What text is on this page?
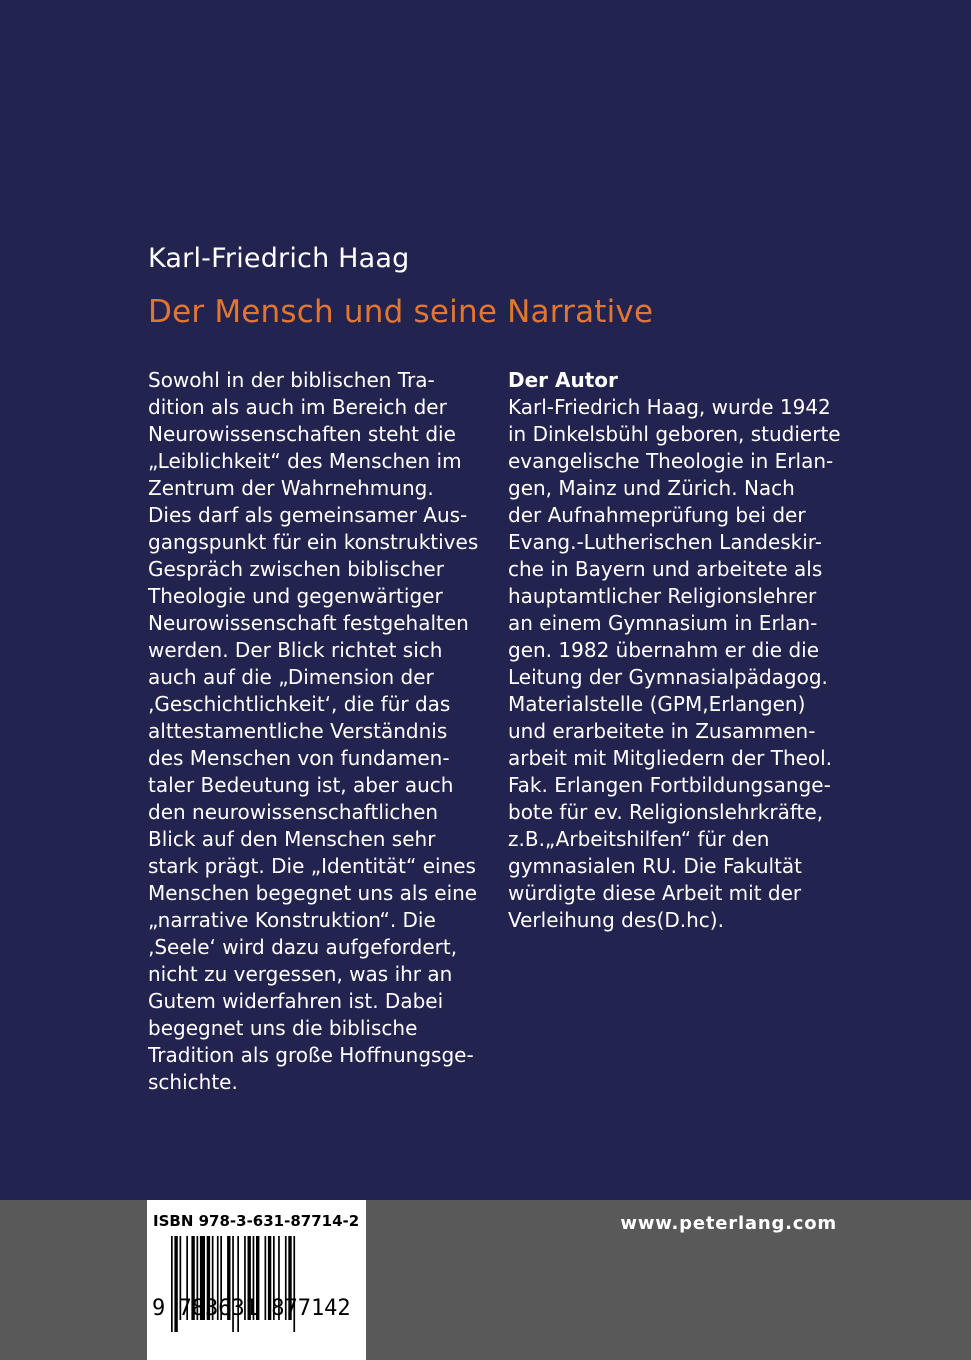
Karl-Friedrich Haag
Der Mensch und seine Narrative
Sowohl in der biblischen Tra-
dition als auch im Bereich der
Neurowissenschaften steht die
„Leiblichkeit“ des Menschen im
Zentrum der Wahrnehmung.
Dies darf als gemeinsamer Aus-
gangspunkt für ein konstruktives
Gespräch zwischen biblischer
Theologie und gegenwärtiger
Neurowissenschaft festgehalten
werden. Der Blick richtet sich
auch auf die „Dimension der
‚Geschichtlichkeit‘, die für das
alttestamentliche Verständnis
des Menschen von fundamen-
taler Bedeutung ist, aber auch
den neurowissenschaftlichen
Blick auf den Menschen sehr
stark prägt. Die „Identität“ eines
Menschen begegnet uns als eine
„narrative Konstruktion“. Die
‚Seele‘ wird dazu aufgefordert,
nicht zu vergessen, was ihr an
Gutem widerfahren ist. Dabei
begegnet uns die biblische
Tradition als große Hoffnungsge-
schichte.
Der Autor
Karl-Friedrich Haag, wurde 1942
in Dinkelsbühl geboren, studierte
evangelische Theologie in Erlan-
gen, Mainz und Zürich. Nach
der Aufnahmeprüfung bei der
Evang.-Lutherischen Landeskir-
che in Bayern und arbeitete als
hauptamtlicher Religionslehrer
an einem Gymnasium in Erlan-
gen. 1982 übernahm er die die
Leitung der Gymnasialpädagog.
Materialstelle (GPM,Erlangen)
und erarbeitete in Zusammen-
arbeit mit Mitgliedern der Theol.
Fak. Erlangen Fortbildungsange-
bote für ev. Religionslehrkräfte,
z.B.„Arbeitshilfen“ für den
gymnasialen RU. Die Fakultät
würdigte diese Arbeit mit der
Verleihung des(D.hc).
ISBN 978-3-631-87714-2
9 783631 877142
www.peterlang.com
